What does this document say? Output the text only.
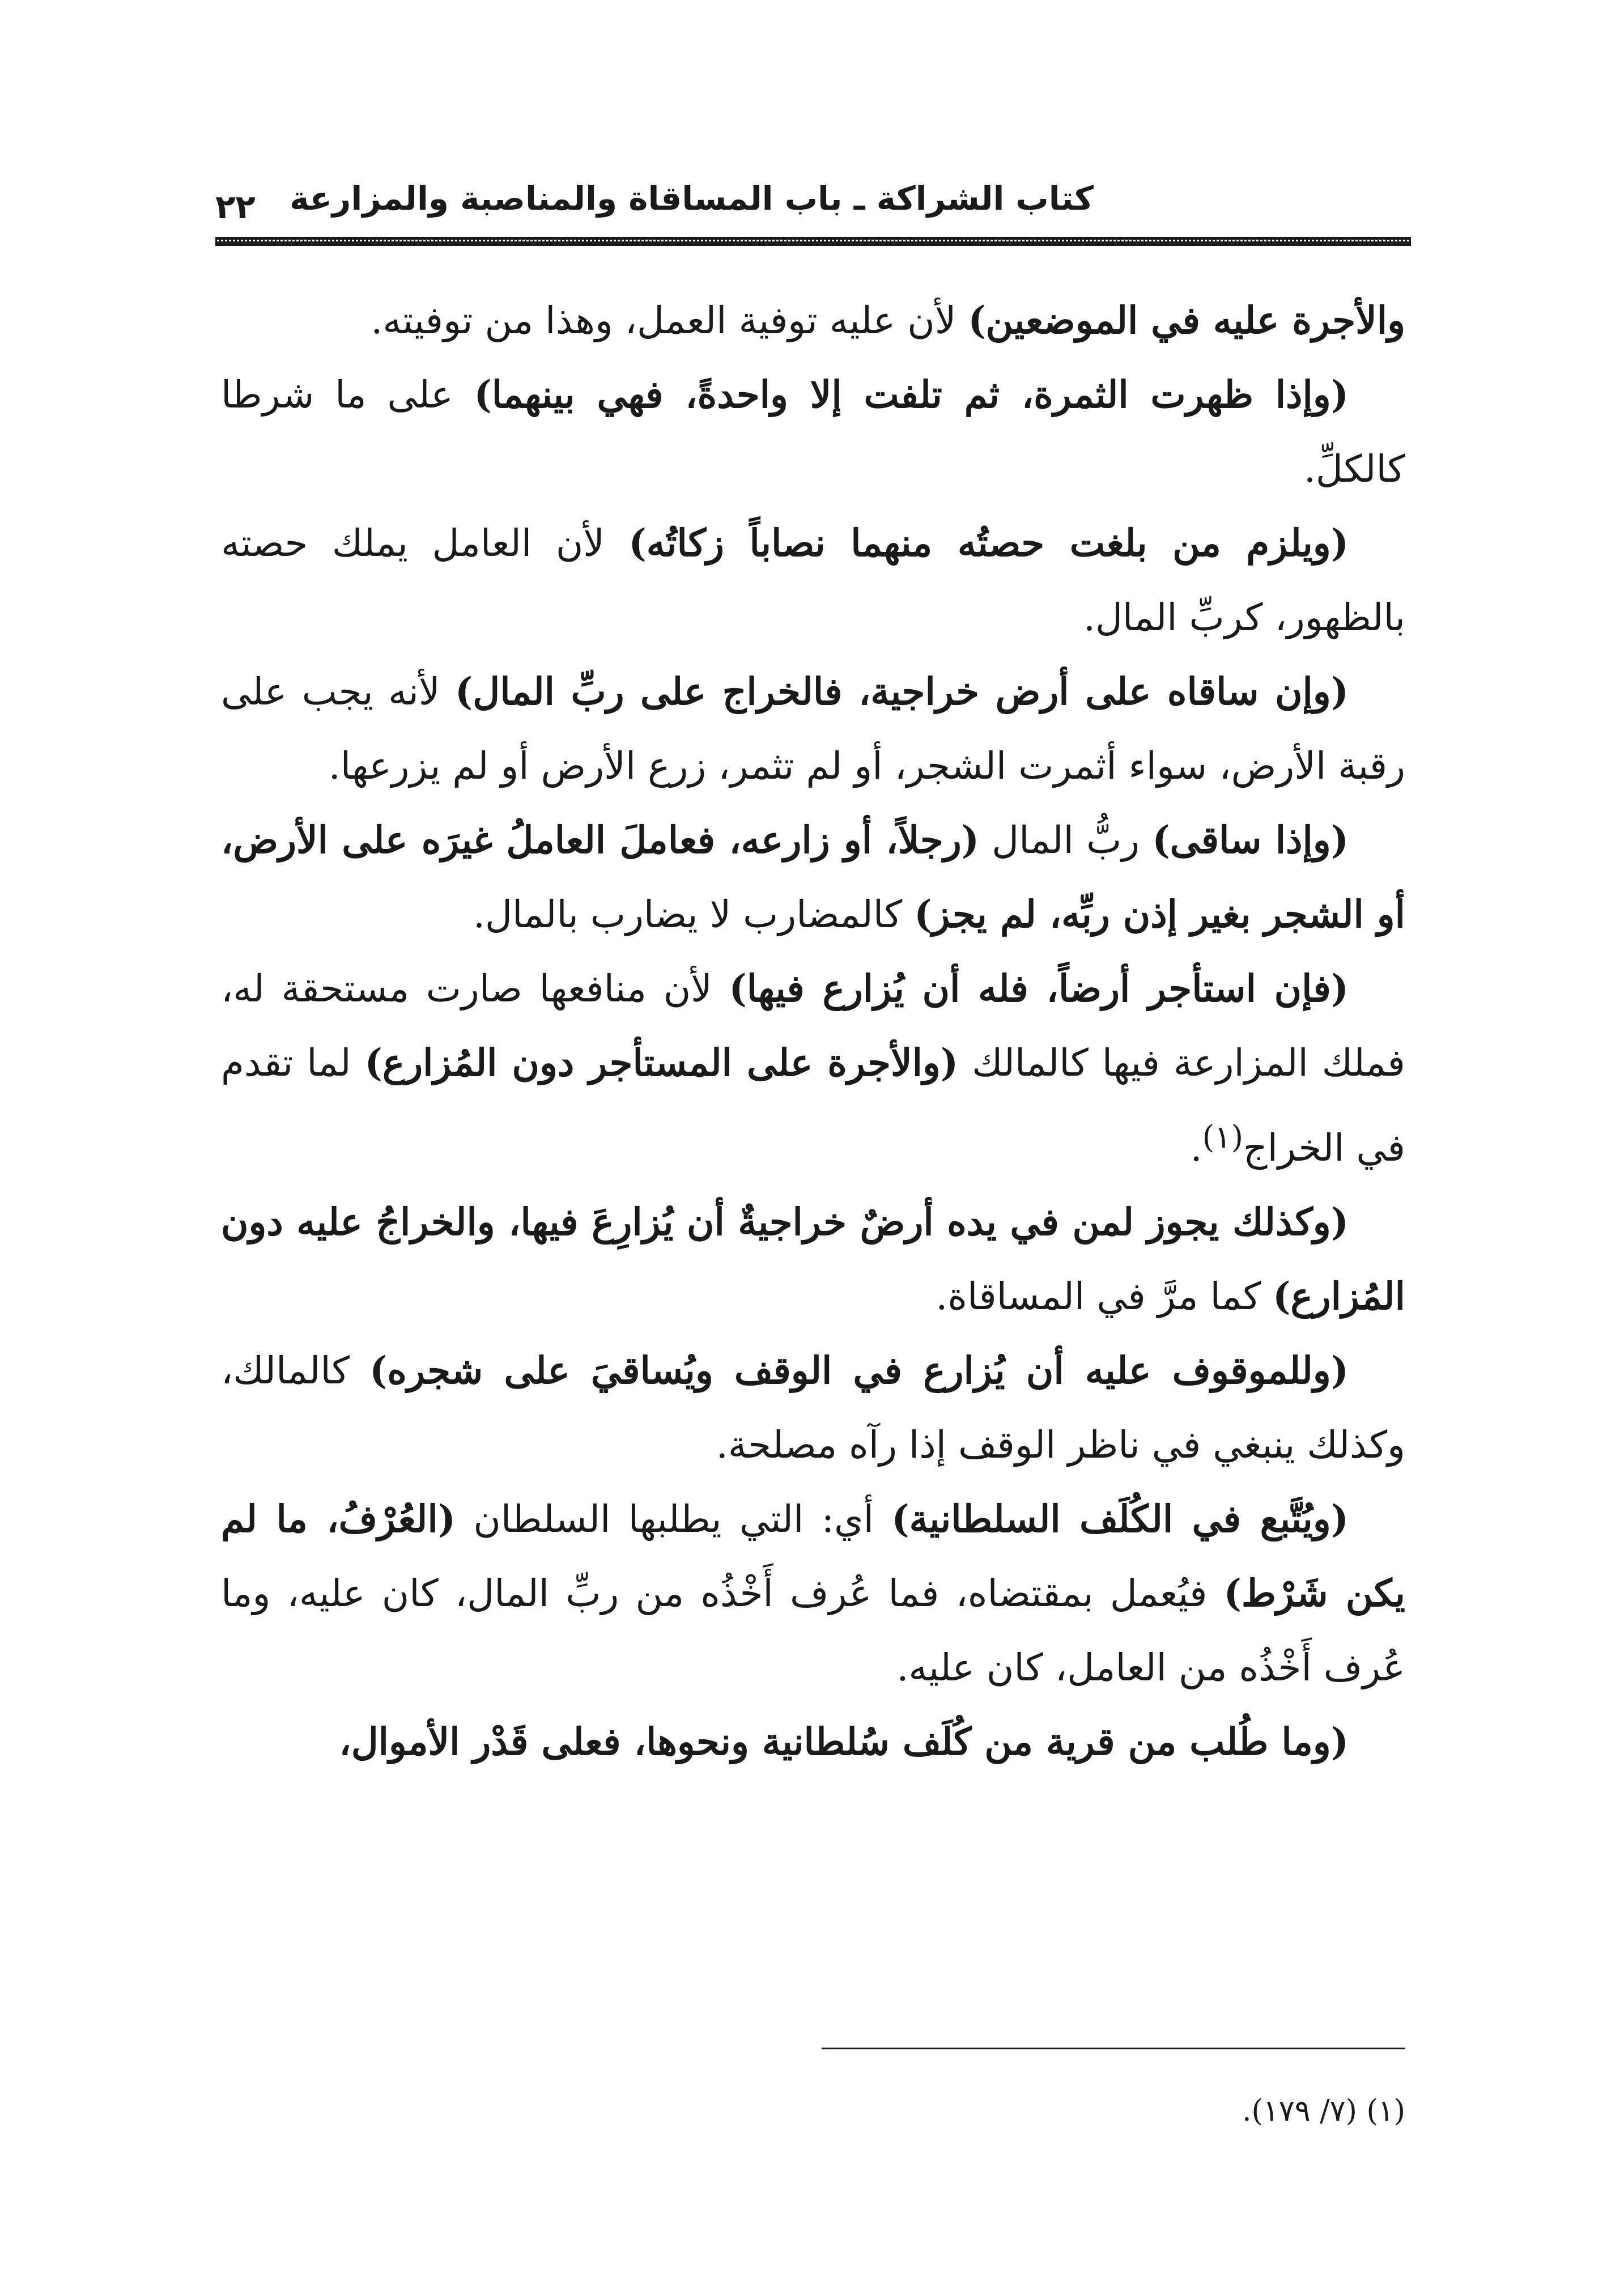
كتاب الشراكة ـ باب المساقاة والمناصبة والمزارعة
٢٢

والأجرة عليه في الموضعين) لأن عليه توفية العمل، وهذا من توفيته.

(وإذا ظهرت الثمرة، ثم تلفت إلا واحدةً، فهي بينهما) على ما شرطا كالكلِّ.

(ويلزم من بلغت حصتُه منهما نصاباً زكاتُه) لأن العامل يملك حصته بالظهور، كربِّ المال.

(وإن ساقاه على أرض خراجية، فالخراج على ربِّ المال) لأنه يجب على رقبة الأرض، سواء أثمرت الشجر، أو لم تثمر، زرع الأرض أو لم يزرعها.

(وإذا ساقى) ربُّ المال (رجلاً، أو زارعه، فعاملَ العاملُ غيرَه على الأرض، أو الشجر بغير إذن ربِّه، لم يجز) كالمضارب لا يضارب بالمال.

(فإن استأجر أرضاً، فله أن يُزارع فيها) لأن منافعها صارت مستحقة له، فملك المزارعة فيها كالمالك (والأجرة على المستأجر دون المُزارع) لما تقدم في الخراج$^{(١)}$.

(وكذلك يجوز لمن في يده أرضٌ خراجيةٌ أن يُزارِعَ فيها، والخراجُ عليه دون المُزارع) كما مرَّ في المساقاة.

(وللموقوف عليه أن يُزارع في الوقف ويُساقيَ على شجره) كالمالك، وكذلك ينبغي في ناظر الوقف إذا رآه مصلحة.

(ويُتَّبع في الكُلَف السلطانية) أي: التي يطلبها السلطان (العُرْفُ، ما لم يكن شَرْط) فيُعمل بمقتضاه، فما عُرف أَخْذُه من ربِّ المال، كان عليه، وما عُرف أَخْذُه من العامل، كان عليه.

(وما طُلب من قرية من كُلَف سُلطانية ونحوها، فعلى قَدْر الأموال،

(١) (٧/ ١٧٩).
